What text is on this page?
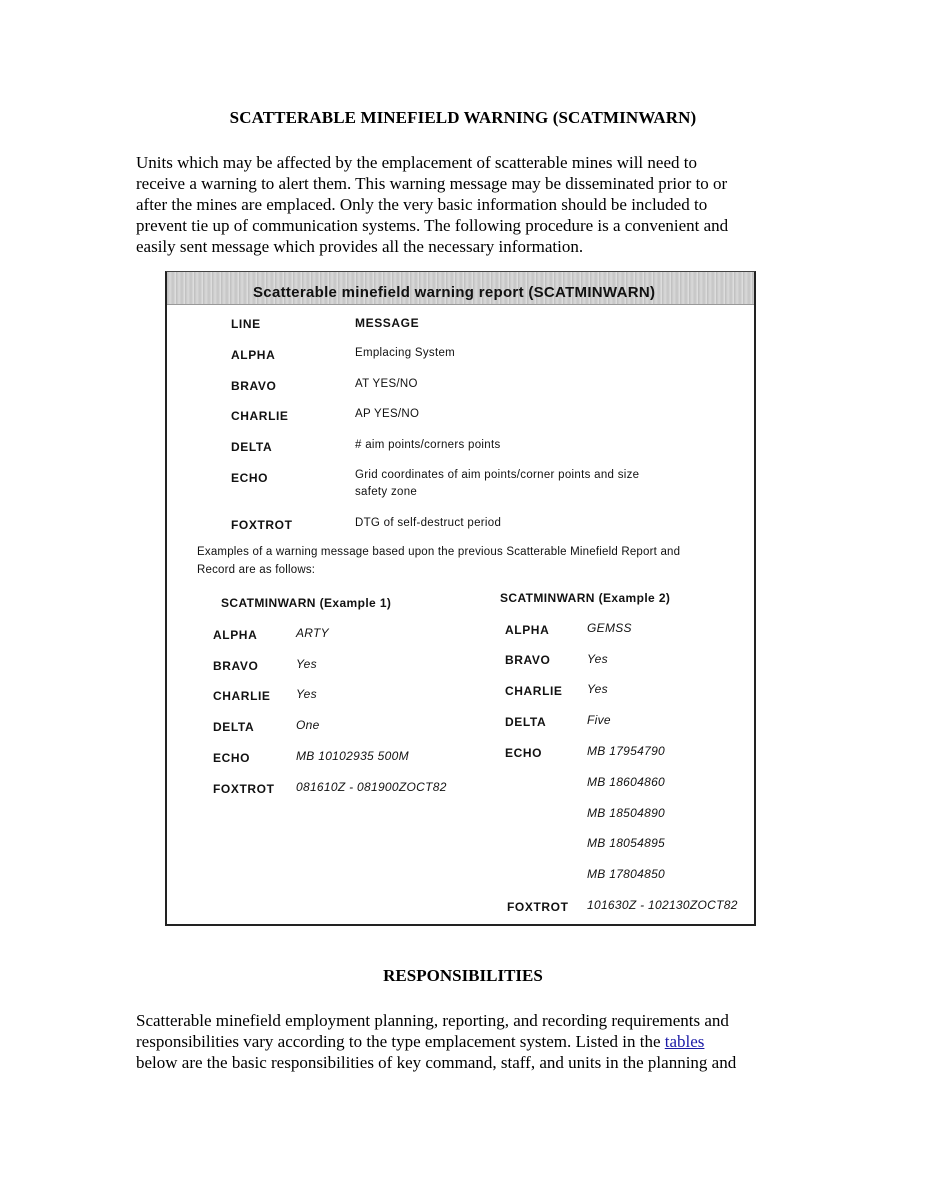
SCATTERABLE MINEFIELD WARNING (SCATMINWARN)

Units which may be affected by the emplacement of scatterable mines will need to
receive a warning to alert them. This warning message may be disseminated prior to or
after the mines are emplaced. Only the very basic information should be included to
prevent tie up of communication systems. The following procedure is a convenient and
easily sent message which provides all the necessary information.

Scatterable minefield warning report (SCATMINWARN)
LINE	MESSAGE
ALPHA	Emplacing System
BRAVO	AT YES/NO
CHARLIE	AP YES/NO
DELTA	# aim points/corners points
ECHO	Grid coordinates of aim points/corner points and size
safety zone
FOXTROT	DTG of self-destruct period
Examples of a warning message based upon the previous Scatterable Minefield Report and
Record are as follows:
SCATMINWARN (Example 1)
ALPHA	ARTY
BRAVO	Yes
CHARLIE Yes
DELTA	One
ECHO	MB 10102935 500M
FOXTROT 081610Z - 081900ZOCT82
SCATMINWARN (Example 2)
ALPHA	GEMSS
BRAVO	Yes
CHARLIE Yes
DELTA	Five
ECHO	MB 17954790
MB 18604860
MB 18504890
MB 18054895
MB 17804850
FOXTROT 101630Z - 102130ZOCT82
RESPONSIBILITIES

Scatterable minefield employment planning, reporting, and recording requirements and
responsibilities vary according to the type emplacement system. Listed in the tables
below are the basic responsibilities of key command, staff, and units in the planning and
